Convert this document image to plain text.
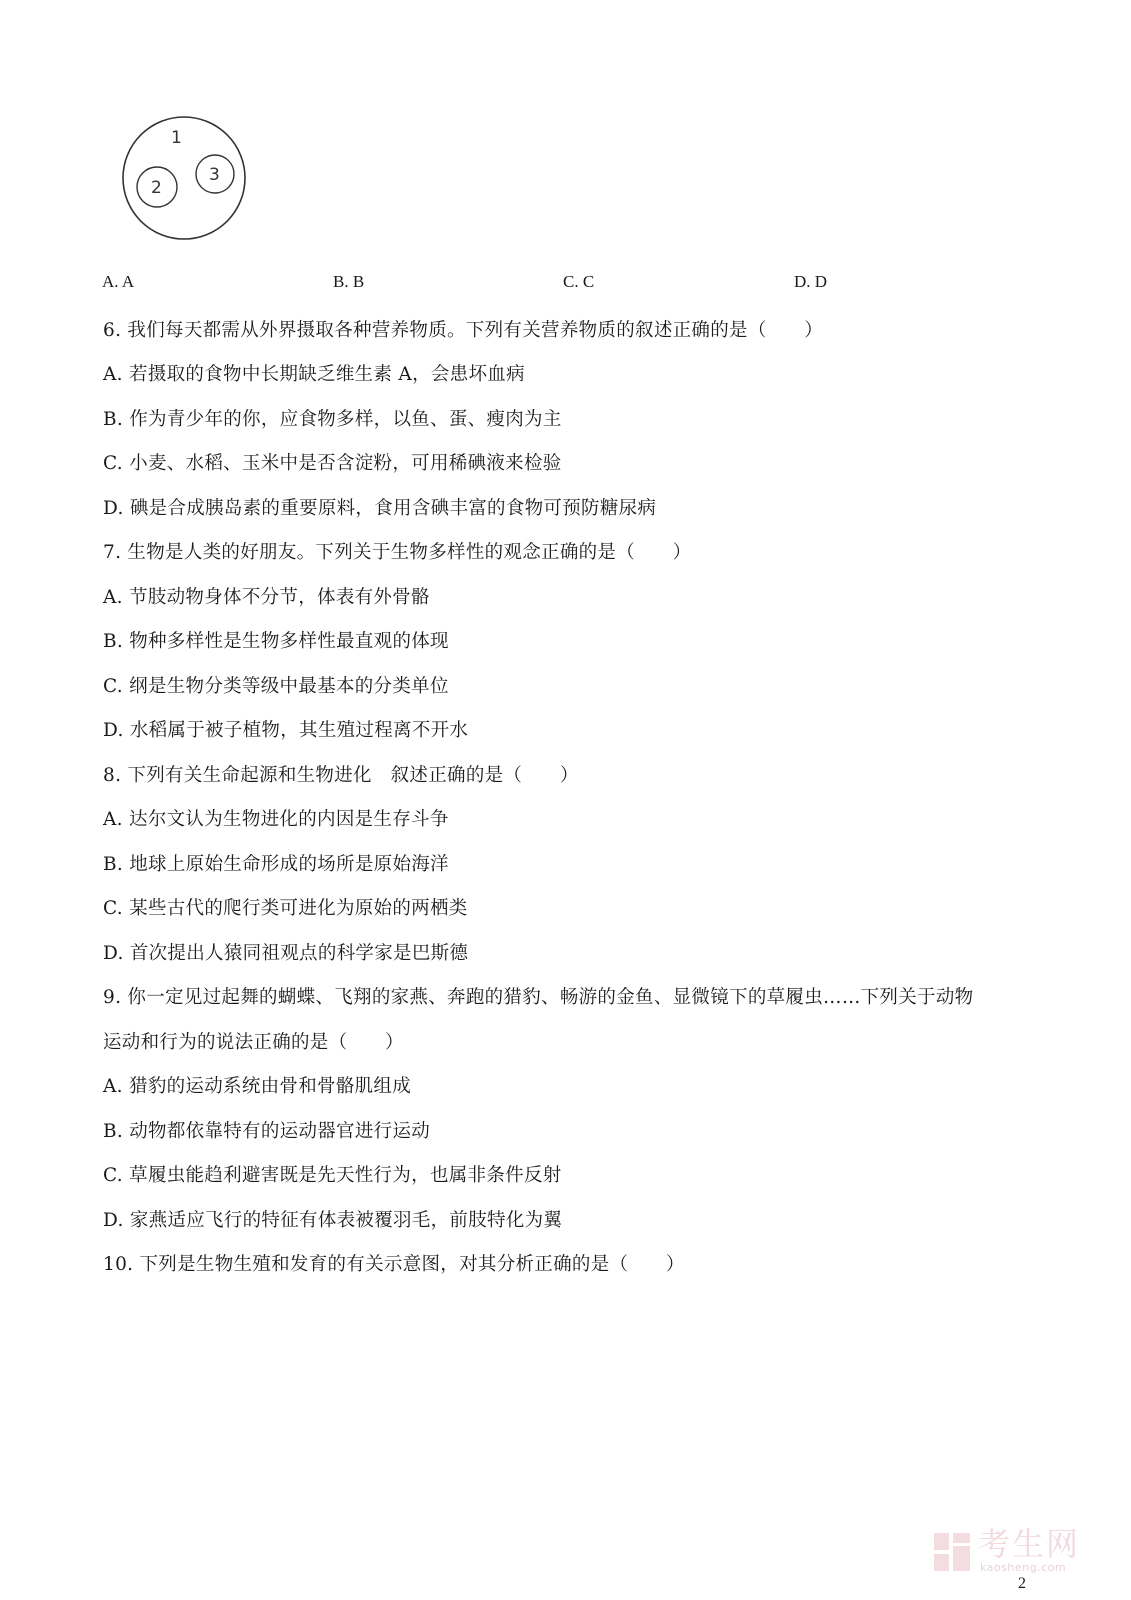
1
2
3
A. A	B. B	C. C	D. D
6. 我们每天都需从外界摄取各种营养物质。下列有关营养物质的叙述正确的是（　　）
A. 若摄取的食物中长期缺乏维生素 A，会患坏血病
B. 作为青少年的你，应食物多样，以鱼、蛋、瘦肉为主
C. 小麦、水稻、玉米中是否含淀粉，可用稀碘液来检验
D. 碘是合成胰岛素的重要原料，食用含碘丰富的食物可预防糖尿病
7. 生物是人类的好朋友。下列关于生物多样性的观念正确的是（　　）
A. 节肢动物身体不分节，体表有外骨骼
B. 物种多样性是生物多样性最直观的体现
C. 纲是生物分类等级中最基本的分类单位
D. 水稻属于被子植物，其生殖过程离不开水
8. 下列有关生命起源和生物进化　叙述正确的是（　　）
A. 达尔文认为生物进化的内因是生存斗争
B. 地球上原始生命形成的场所是原始海洋
C. 某些古代的爬行类可进化为原始的两栖类
D. 首次提出人猿同祖观点的科学家是巴斯德
9. 你一定见过起舞的蝴蝶、飞翔的家燕、奔跑的猎豹、畅游的金鱼、显微镜下的草履虫……下列关于动物
运动和行为的说法正确的是（　　）
A. 猎豹的运动系统由骨和骨骼肌组成
B. 动物都依靠特有的运动器官进行运动
C. 草履虫能趋利避害既是先天性行为，也属非条件反射
D. 家燕适应飞行的特征有体表被覆羽毛，前肢特化为翼
10. 下列是生物生殖和发育的有关示意图，对其分析正确的是（　　）
考生网
kaosheng.com
2
